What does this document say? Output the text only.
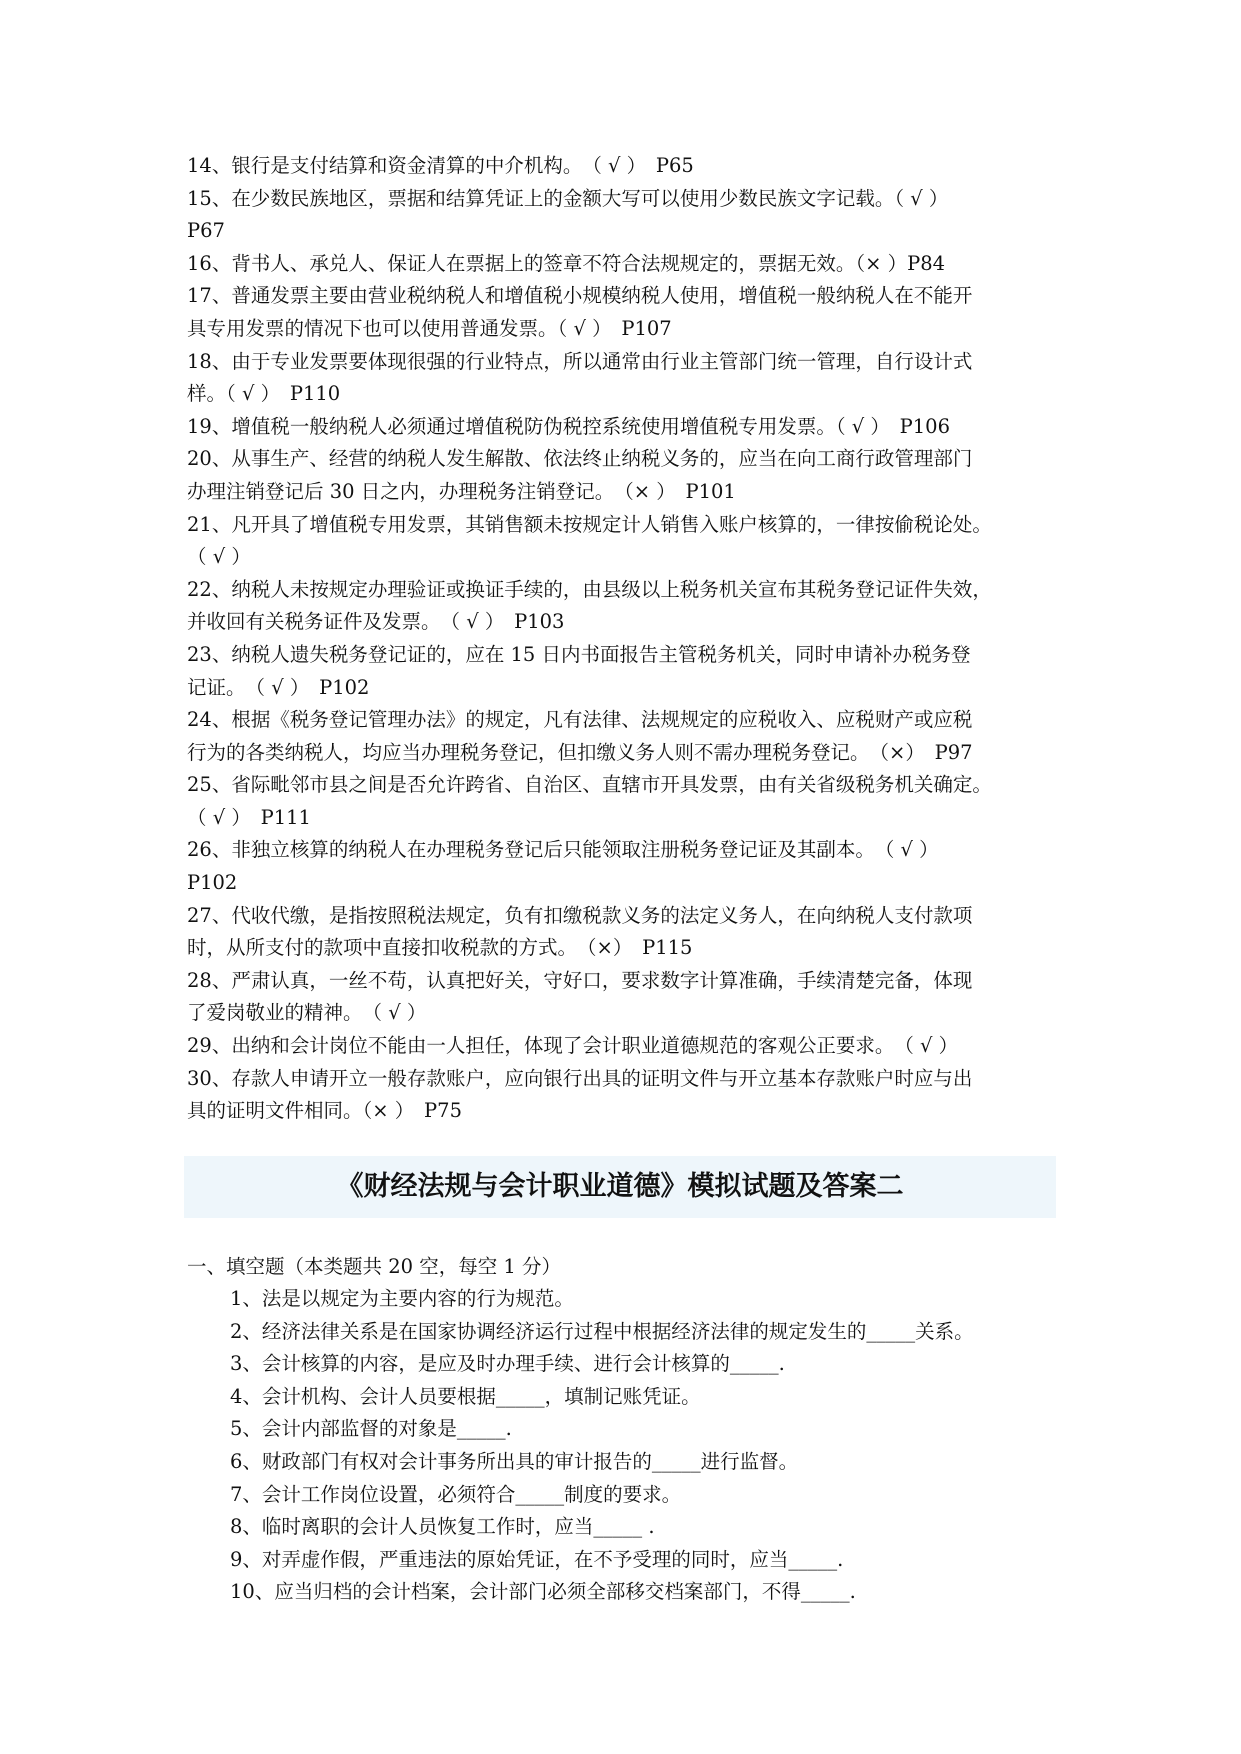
14、银行是支付结算和资金清算的中介机构。　（ √ ）　P65
15、在少数民族地区，票据和结算凭证上的金额大写可以使用少数民族文字记载。（ √ ）
P67
16、背书人、承兑人、保证人在票据上的签章不符合法规规定的，票据无效。（× ）P84
17、普通发票主要由营业税纳税人和增值税小规模纳税人使用，增值税一般纳税人在不能开
具专用发票的情况下也可以使用普通发票。（ √ ）　P107
18、由于专业发票要体现很强的行业特点，所以通常由行业主管部门统一管理，自行设计式
样。（ √ ）　P110
19、增值税一般纳税人必须通过增值税防伪税控系统使用增值税专用发票。（ √ ）　P106
20、从事生产、经营的纳税人发生解散、依法终止纳税义务的，应当在向工商行政管理部门
办理注销登记后 30 日之内，办理税务注销登记。　（× ）　P101
21、凡开具了增值税专用发票，其销售额未按规定计人销售入账户核算的，一律按偷税论处。
（ √ ）
22、纳税人未按规定办理验证或换证手续的，由县级以上税务机关宣布其税务登记证件失效，
并收回有关税务证件及发票。　（ √ ）　P103
23、纳税人遗失税务登记证的，应在 15 日内书面报告主管税务机关，同时申请补办税务登
记证。　（ √ ）　P102
24、根据《税务登记管理办法》的规定，凡有法律、法规规定的应税收入、应税财产或应税
行为的各类纳税人，均应当办理税务登记，但扣缴义务人则不需办理税务登记。　（×）　P97
25、省际毗邻市县之间是否允许跨省、自治区、直辖市开具发票，由有关省级税务机关确定。
（ √ ）　P111
26、非独立核算的纳税人在办理税务登记后只能领取注册税务登记证及其副本。　（ √ ）
P102
27、代收代缴，是指按照税法规定，负有扣缴税款义务的法定义务人，在向纳税人支付款项
时，从所支付的款项中直接扣收税款的方式。　（×）　P115
28、严肃认真，一丝不苟，认真把好关，守好口，要求数字计算准确，手续清楚完备，体现
了爱岗敬业的精神。　（ √ ）
29、出纳和会计岗位不能由一人担任，体现了会计职业道德规范的客观公正要求。　（ √ ）
30、存款人申请开立一般存款账户，应向银行出具的证明文件与开立基本存款账户时应与出
具的证明文件相同。（× ）　P75
《财经法规与会计职业道德》模拟试题及答案二
一、填空题（本类题共 20 空，每空 1 分）
1、法是以规定为主要内容的行为规范。
2、经济法律关系是在国家协调经济运行过程中根据经济法律的规定发生的_____关系。
3、会计核算的内容，是应及时办理手续、进行会计核算的_____.
4、会计机构、会计人员要根据_____，填制记账凭证。
5、会计内部监督的对象是_____.
6、财政部门有权对会计事务所出具的审计报告的_____进行监督。
7、会计工作岗位设置，必须符合_____制度的要求。
8、临时离职的会计人员恢复工作时，应当_____ .
9、对弄虚作假，严重违法的原始凭证，在不予受理的同时，应当_____.
10、应当归档的会计档案，会计部门必须全部移交档案部门，不得_____.
